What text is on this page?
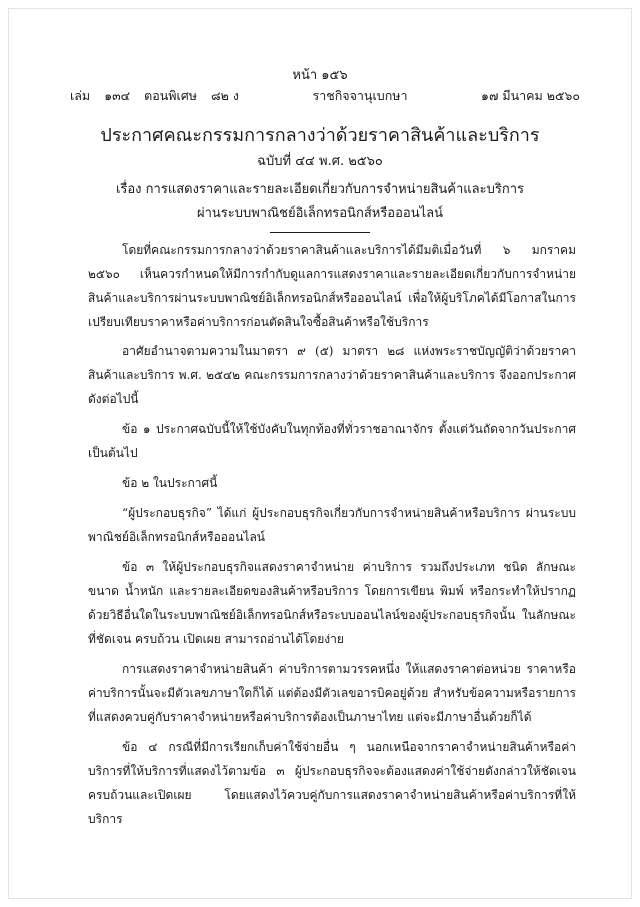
หน้า ๑๕๖
เล่ม ๑๓๔ ตอนพิเศษ ๘๒ ง	ราชกิจจานุเบกษา	๑๗ มีนาคม ๒๕๖๐
ประกาศคณะกรรมการกลางว่าด้วยราคาสินค้าและบริการ
ฉบับที่ ๔๔ พ.ศ. ๒๕๖๐
เรื่อง การแสดงราคาและรายละเอียดเกี่ยวกับการจำหน่ายสินค้าและบริการ
ผ่านระบบพาณิชย์อิเล็กทรอนิกส์หรือออนไลน์

โดยที่คณะกรรมการกลางว่าด้วยราคาสินค้าและบริการได้มีมติเมื่อวันที่ ๖ มกราคม ๒๕๖๐ เห็นควรกำหนดให้มีการกำกับดูแลการแสดงราคาและรายละเอียดเกี่ยวกับการจำหน่ายสินค้าและบริการผ่านระบบพาณิชย์อิเล็กทรอนิกส์หรือออนไลน์ เพื่อให้ผู้บริโภคได้มีโอกาสในการเปรียบเทียบราคาหรือค่าบริการก่อนตัดสินใจซื้อสินค้าหรือใช้บริการ

อาศัยอำนาจตามความในมาตรา ๙ (๕) มาตรา ๒๘ แห่งพระราชบัญญัติว่าด้วยราคาสินค้าและบริการ พ.ศ. ๒๕๔๒ คณะกรรมการกลางว่าด้วยราคาสินค้าและบริการ จึงออกประกาศดังต่อไปนี้

ข้อ ๑ ประกาศฉบับนี้ให้ใช้บังคับในทุกท้องที่ทั่วราชอาณาจักร ตั้งแต่วันถัดจากวันประกาศเป็นต้นไป

ข้อ ๒ ในประกาศนี้

“ผู้ประกอบธุรกิจ” ได้แก่ ผู้ประกอบธุรกิจเกี่ยวกับการจำหน่ายสินค้าหรือบริการ ผ่านระบบพาณิชย์อิเล็กทรอนิกส์หรือออนไลน์

ข้อ ๓ ให้ผู้ประกอบธุรกิจแสดงราคาจำหน่าย ค่าบริการ รวมถึงประเภท ชนิด ลักษณะ ขนาด น้ำหนัก และรายละเอียดของสินค้าหรือบริการ โดยการเขียน พิมพ์ หรือกระทำให้ปรากฏด้วยวิธีอื่นใดในระบบพาณิชย์อิเล็กทรอนิกส์หรือระบบออนไลน์ของผู้ประกอบธุรกิจนั้น ในลักษณะที่ชัดเจน ครบถ้วน เปิดเผย สามารถอ่านได้โดยง่าย

การแสดงราคาจำหน่ายสินค้า ค่าบริการตามวรรคหนึ่ง ให้แสดงราคาต่อหน่วย ราคาหรือค่าบริการนั้นจะมีตัวเลขภาษาใดก็ได้ แต่ต้องมีตัวเลขอารบิคอยู่ด้วย สำหรับข้อความหรือรายการที่แสดงควบคู่กับราคาจำหน่ายหรือค่าบริการต้องเป็นภาษาไทย แต่จะมีภาษาอื่นด้วยก็ได้

ข้อ ๔ กรณีที่มีการเรียกเก็บค่าใช้จ่ายอื่น ๆ นอกเหนือจากราคาจำหน่ายสินค้าหรือค่าบริการที่ให้บริการที่แสดงไว้ตามข้อ ๓ ผู้ประกอบธุรกิจจะต้องแสดงค่าใช้จ่ายดังกล่าวให้ชัดเจนครบถ้วนและเปิดเผย โดยแสดงไว้ควบคู่กับการแสดงราคาจำหน่ายสินค้าหรือค่าบริการที่ให้บริการ
